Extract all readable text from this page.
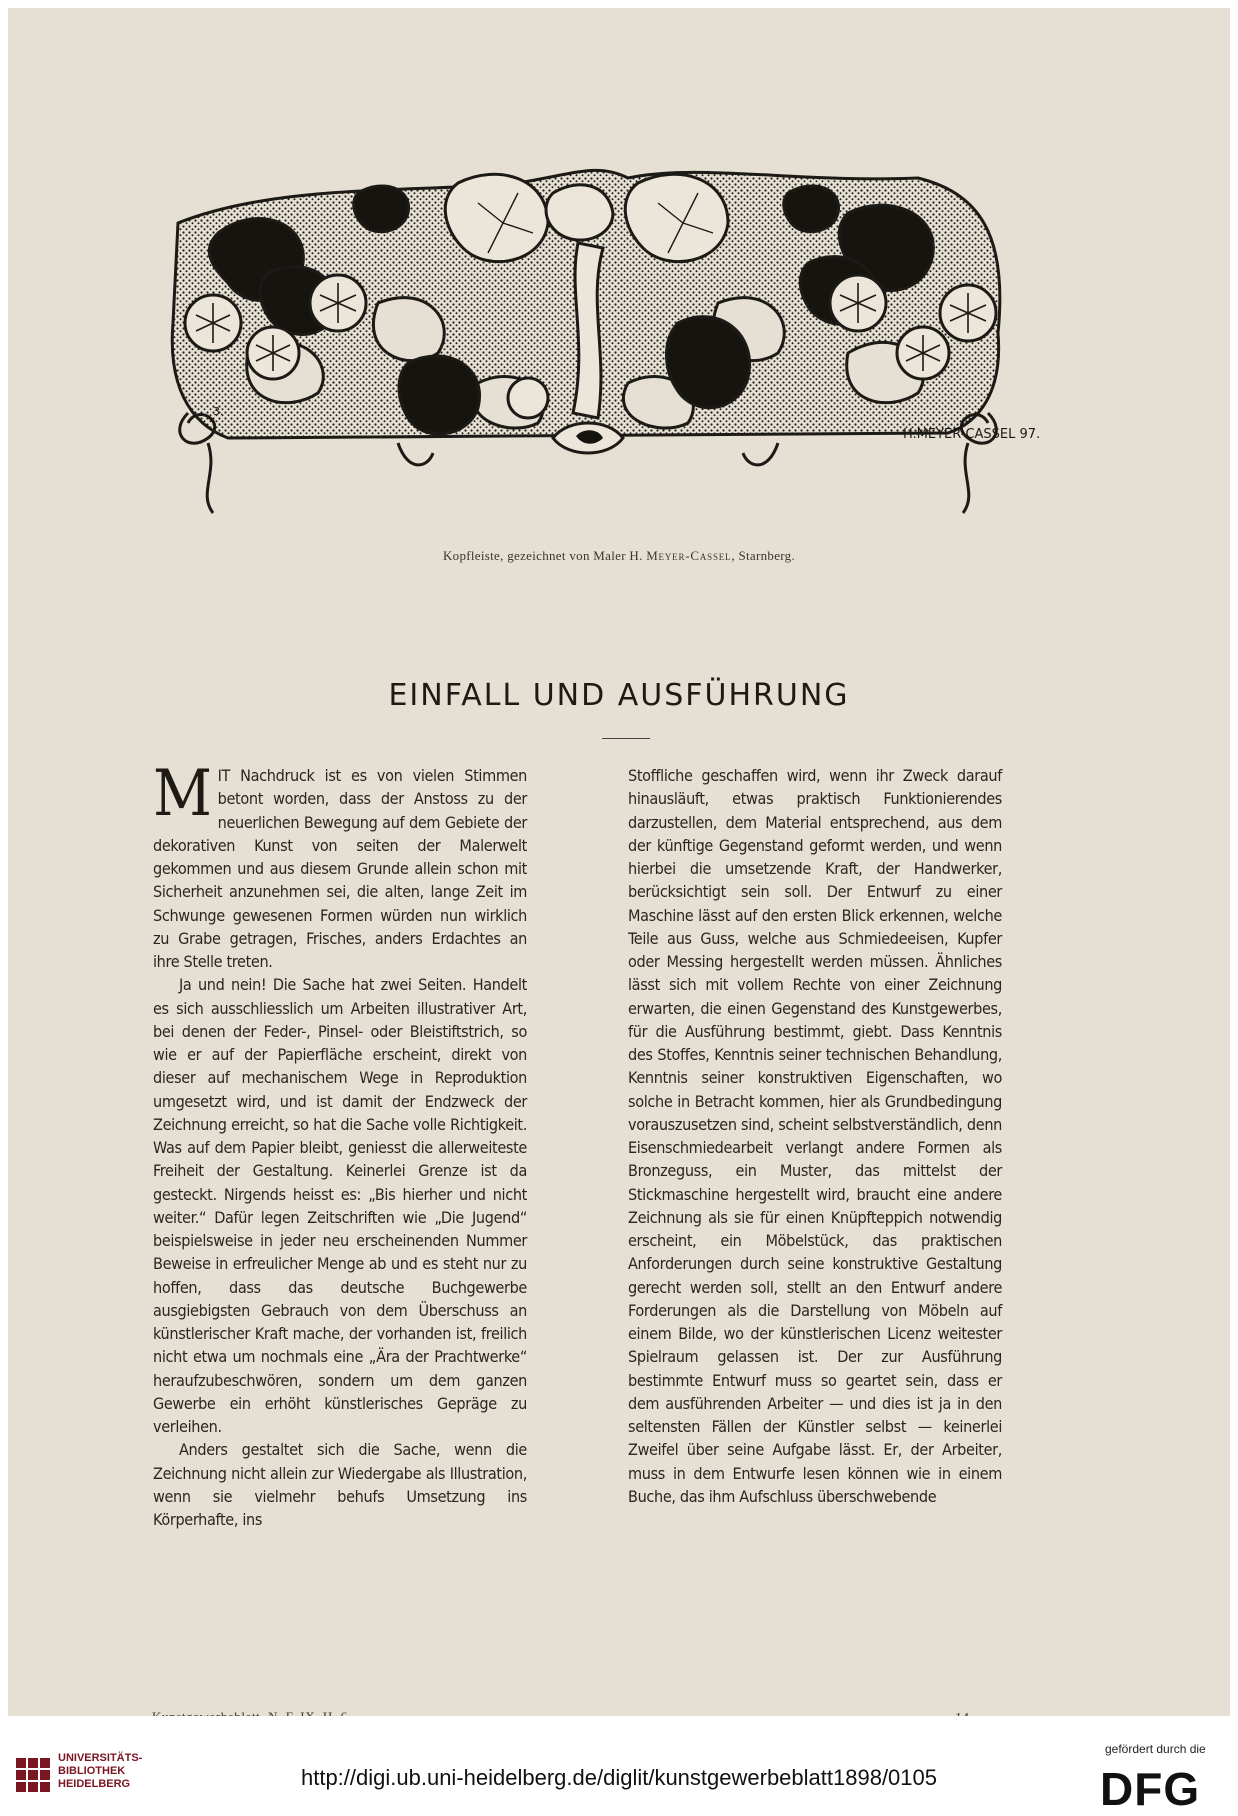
H.MEYER-CASSEL 97.
3.
Kopfleiste, gezeichnet von Maler H. Meyer-Cassel, Starnberg.
EINFALL UND AUSFÜHRUNG

MIT Nachdruck ist es von vielen Stimmen betont worden, dass der Anstoss zu der neuerlichen Bewegung auf dem Gebiete der dekorativen Kunst von seiten der Malerwelt gekommen und aus diesem Grunde allein schon mit Sicherheit anzunehmen sei, die alten, lange Zeit im Schwunge gewesenen Formen würden nun wirklich zu Grabe getragen, Frisches, anders Erdachtes an ihre Stelle treten.

Ja und nein! Die Sache hat zwei Seiten. Handelt es sich ausschliesslich um Arbeiten illustrativer Art, bei denen der Feder-, Pinsel- oder Bleistiftstrich, so wie er auf der Papierfläche erscheint, direkt von dieser auf mechanischem Wege in Reproduktion umgesetzt wird, und ist damit der Endzweck der Zeichnung erreicht, so hat die Sache volle Richtigkeit. Was auf dem Papier bleibt, geniesst die allerweiteste Freiheit der Gestaltung. Keinerlei Grenze ist da gesteckt. Nirgends heisst es: „Bis hierher und nicht weiter.“ Dafür legen Zeitschriften wie „Die Jugend“ beispielsweise in jeder neu erscheinenden Nummer Beweise in erfreulicher Menge ab und es steht nur zu hoffen, dass das deutsche Buchgewerbe ausgiebigsten Gebrauch von dem Überschuss an künstlerischer Kraft mache, der vorhanden ist, freilich nicht etwa um nochmals eine „Ära der Prachtwerke“ heraufzubeschwören, sondern um dem ganzen Gewerbe ein erhöht künstlerisches Gepräge zu verleihen.

Anders gestaltet sich die Sache, wenn die Zeichnung nicht allein zur Wiedergabe als Illustration, wenn sie vielmehr behufs Umsetzung ins Körperhafte, ins

Stoffliche geschaffen wird, wenn ihr Zweck darauf hinausläuft, etwas praktisch Funktionierendes darzustellen, dem Material entsprechend, aus dem der künftige Gegenstand geformt werden, und wenn hierbei die umsetzende Kraft, der Handwerker, berücksichtigt sein soll. Der Entwurf zu einer Maschine lässt auf den ersten Blick erkennen, welche Teile aus Guss, welche aus Schmiedeeisen, Kupfer oder Messing hergestellt werden müssen. Ähnliches lässt sich mit vollem Rechte von einer Zeichnung erwarten, die einen Gegenstand des Kunstgewerbes, für die Ausführung bestimmt, giebt. Dass Kenntnis des Stoffes, Kenntnis seiner technischen Behandlung, Kenntnis seiner konstruktiven Eigenschaften, wo solche in Betracht kommen, hier als Grundbedingung vorauszusetzen sind, scheint selbstverständlich, denn Eisenschmiedearbeit verlangt andere Formen als Bronzeguss, ein Muster, das mittelst der Stickmaschine hergestellt wird, braucht eine andere Zeichnung als sie für einen Knüpfteppich notwendig erscheint, ein Möbelstück, das praktischen Anforderungen durch seine konstruktive Gestaltung gerecht werden soll, stellt an den Entwurf andere Forderungen als die Darstellung von Möbeln auf einem Bilde, wo der künstlerischen Licenz weitester Spielraum gelassen ist. Der zur Ausführung bestimmte Entwurf muss so geartet sein, dass er dem ausführenden Arbeiter — und dies ist ja in den seltensten Fällen der Künstler selbst — keinerlei Zweifel über seine Aufgabe lässt. Er, der Arbeiter, muss in dem Entwurfe lesen können wie in einem Buche, das ihm Aufschluss überschwebende

UNIVERSITÄTS-
BIBLIOTHEK
HEIDELBERG	http://digi.ub.uni-heidelberg.de/diglit/kunstgewerbeblatt1898/0105
gefördert durch die
DFG
